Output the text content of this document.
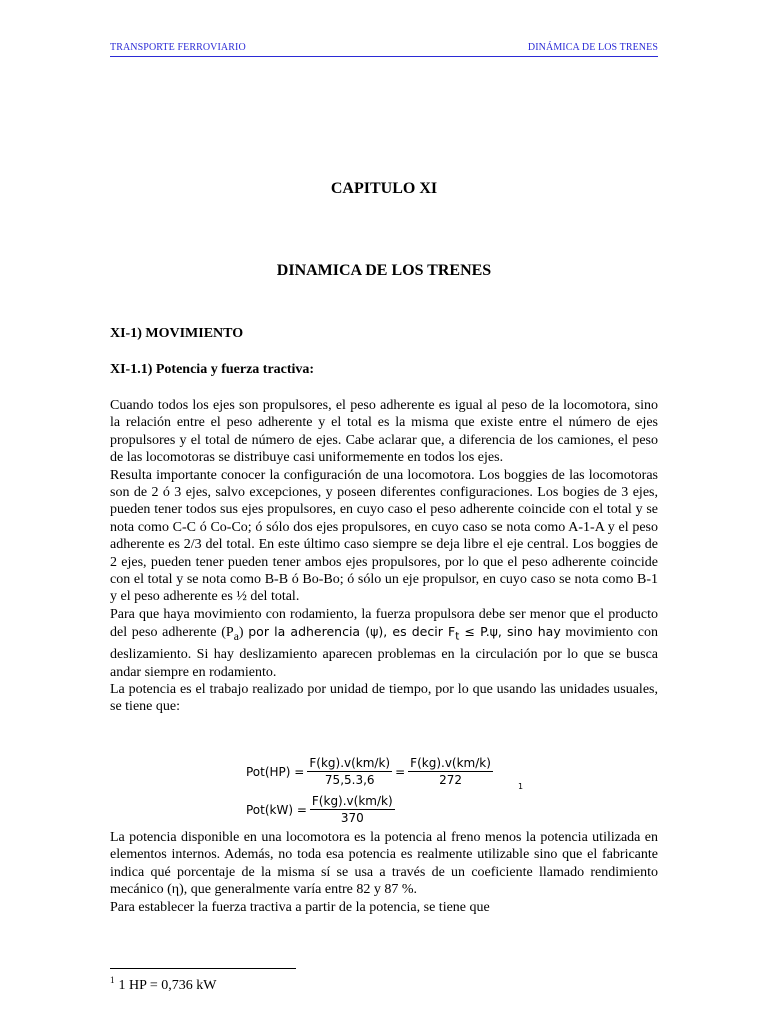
TRANSPORTE FERROVIARIO	DINÁMICA DE LOS TRENES
CAPITULO XI
DINAMICA DE LOS TRENES
XI-1) MOVIMIENTO
XI-1.1) Potencia y fuerza tractiva:

Cuando todos los ejes son propulsores, el peso adherente es igual al peso de la locomotora, sino la relación entre el peso adherente y el total es la misma que existe entre el número de ejes propulsores y el total de número de ejes. Cabe aclarar que, a diferencia de los camiones, el peso de las locomotoras se distribuye casi uniformemente en todos los ejes.

Resulta importante conocer la configuración de una locomotora. Los boggies de las locomotoras son de 2 ó 3 ejes, salvo excepciones, y poseen diferentes configuraciones. Los bogies de 3 ejes, pueden tener todos sus ejes propulsores, en cuyo caso el peso adherente coincide con el total y se nota como C-C ó Co-Co; ó sólo dos ejes propulsores, en cuyo caso se nota como A-1-A y el peso adherente es 2/3 del total. En este último caso siempre se deja libre el eje central. Los boggies de 2 ejes, pueden tener pueden tener ambos ejes propulsores, por lo que el peso adherente coincide con el total y se nota como B-B ó Bo-Bo; ó sólo un eje propulsor, en cuyo caso se nota como B-1 y el peso adherente es ½ del total.

Para que haya movimiento con rodamiento, la fuerza propulsora debe ser menor que el producto del peso adherente $(P_a)$ por la adherencia (ψ), es decir $F_t \le P.\psi$, sino hay movimiento con deslizamiento. Si hay deslizamiento aparecen problemas en la circulación por lo que se busca andar siempre en rodamiento.

La potencia es el trabajo realizado por unidad de tiempo, por lo que usando las unidades usuales, se tiene que:

$Pot(HP) = \frac{F(kg).v(km/k)}{75,5.3,6} = \frac{F(kg).v(km/k)}{272}$	1
$Pot(kW) = \frac{F(kg).v(km/k)}{370}$

La potencia disponible en una locomotora es la potencia al freno menos la potencia utilizada en elementos internos. Además, no toda esa potencia es realmente utilizable sino que el fabricante indica qué porcentaje de la misma sí se usa a través de un coeficiente llamado rendimiento mecánico (η), que generalmente varía entre 82 y 87 %.

Para establecer la fuerza tractiva a partir de la potencia, se tiene que

$^1$ 1 HP = 0,736 kW
